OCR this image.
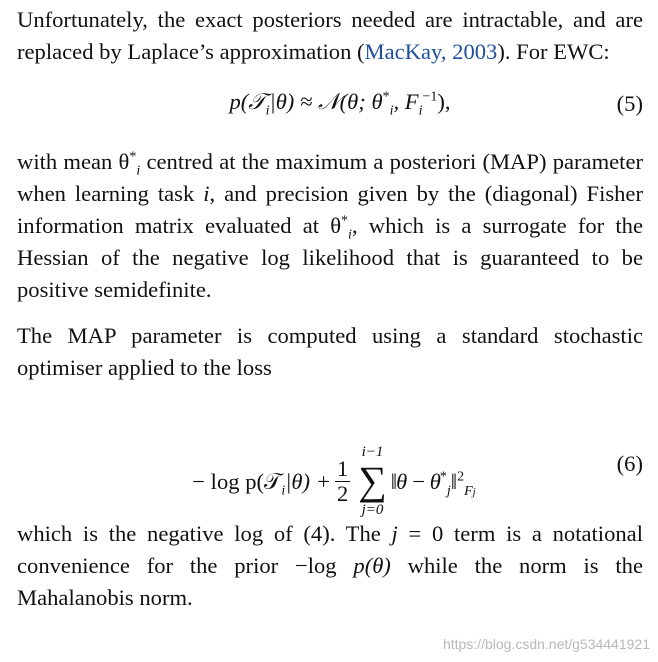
Unfortunately, the exact posteriors needed are intractable, and are replaced by Laplace’s approximation (MacKay, 2003). For EWC:

p(𝒯$_i$|θ) ≈ 𝒩(θ; $\theta^*_i$, $F_i^{-1}$),	(5)

with mean $\theta^*_i$ centred at the maximum a posteriori (MAP) parameter when learning task i, and precision given by the (diagonal) Fisher information matrix evaluated at $\theta^*_i$, which is a surrogate for the Hessian of the negative log likelihood that is guaranteed to be positive semidefinite.

The MAP parameter is computed using a standard stochastic optimiser applied to the loss

− log p(𝒯$_i$|θ) + $\frac{1}{2}$
i−1
∑
j=0
‖θ − $\theta^*_j‖^2_{Fj}$
(6)

which is the negative log of (4). The j = 0 term is a notational convenience for the prior −log p(θ) while the norm is the Mahalanobis norm.

https://blog.csdn.net/g534441921
